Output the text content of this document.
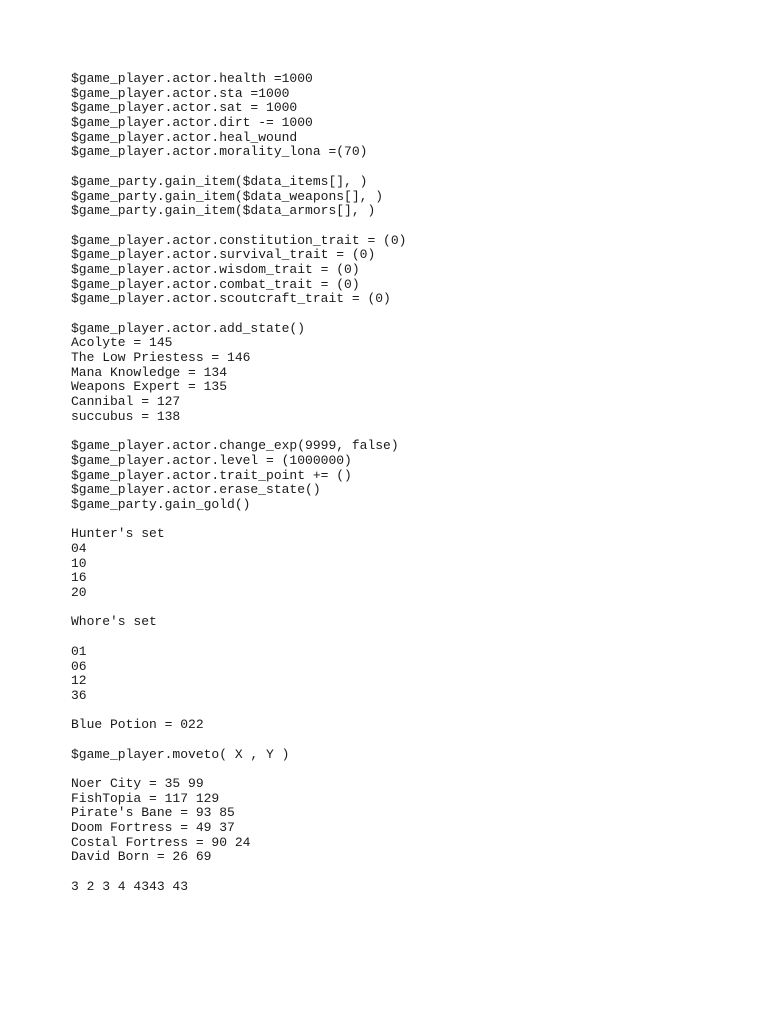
$game_player.actor.health =1000
$game_player.actor.sta =1000
$game_player.actor.sat = 1000
$game_player.actor.dirt -= 1000
$game_player.actor.heal_wound
$game_player.actor.morality_lona =(70)
$game_party.gain_item($data_items[], )
$game_party.gain_item($data_weapons[], )
$game_party.gain_item($data_armors[], )
$game_player.actor.constitution_trait = (0)
$game_player.actor.survival_trait = (0)
$game_player.actor.wisdom_trait = (0)
$game_player.actor.combat_trait = (0)
$game_player.actor.scoutcraft_trait = (0)
$game_player.actor.add_state()
Acolyte = 145
The Low Priestess = 146
Mana Knowledge = 134
Weapons Expert = 135
Cannibal = 127
succubus = 138
$game_player.actor.change_exp(9999, false)
$game_player.actor.level = (1000000)
$game_player.actor.trait_point += ()
$game_player.actor.erase_state()
$game_party.gain_gold()
Hunter's set
04
10
16
20
Whore's set
01
06
12
36
Blue Potion = 022
$game_player.moveto( X , Y )
Noer City = 35 99
FishTopia = 117 129
Pirate's Bane = 93 85
Doom Fortress = 49 37
Costal Fortress = 90 24
David Born = 26 69
3 2 3 4 4343 43
